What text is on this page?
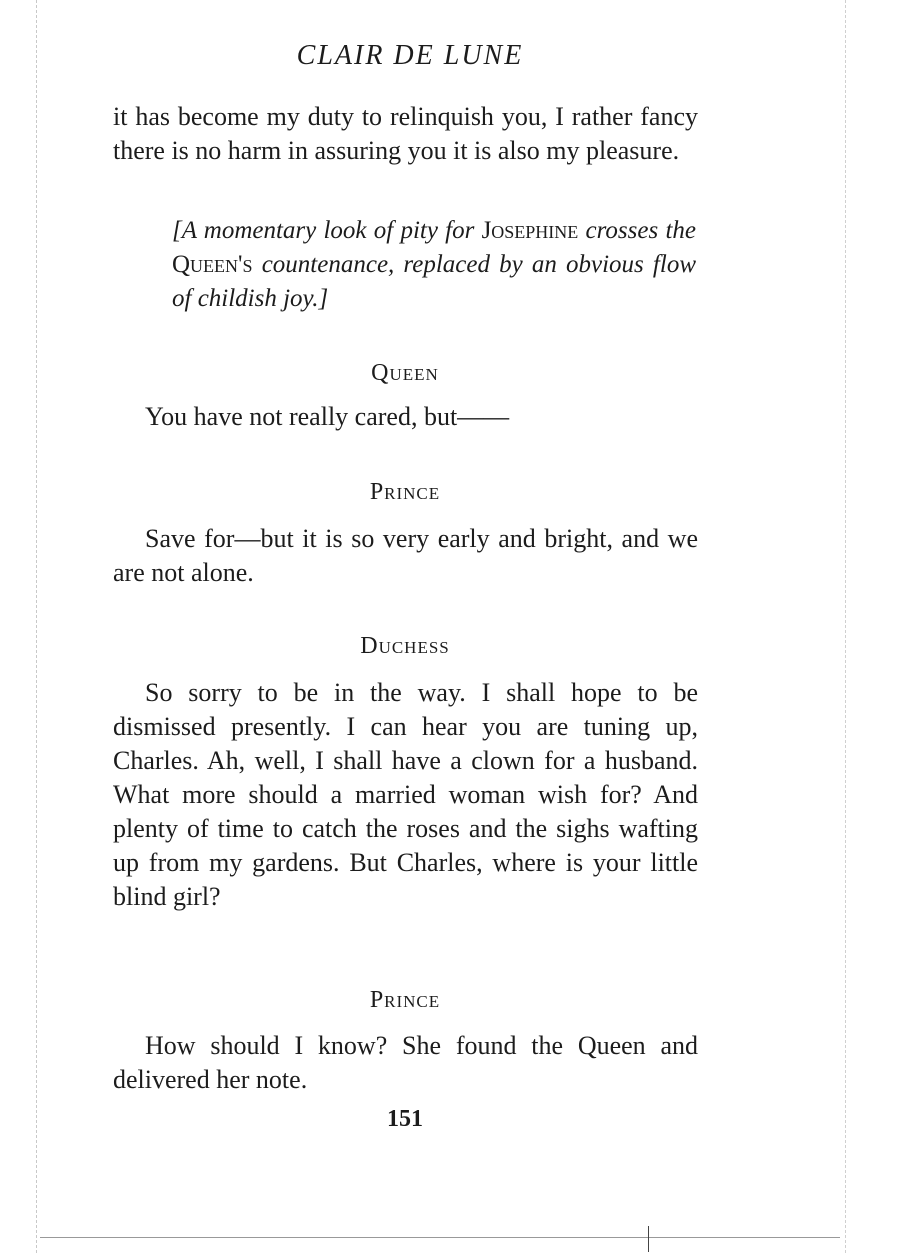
CLAIR DE LUNE

it has become my duty to relinquish you, I rather fancy there is no harm in assuring you it is also my pleasure.

[A momentary look of pity for Josephine crosses the Queen's countenance, replaced by an obvious flow of childish joy.]

Queen

You have not really cared, but——

Prince

Save for—but it is so very early and bright, and we are not alone.

Duchess

So sorry to be in the way. I shall hope to be dismissed presently. I can hear you are tuning up, Charles. Ah, well, I shall have a clown for a husband. What more should a married woman wish for? And plenty of time to catch the roses and the sighs wafting up from my gardens. But Charles, where is your little blind girl?

Prince

How should I know? She found the Queen and delivered her note.

151
